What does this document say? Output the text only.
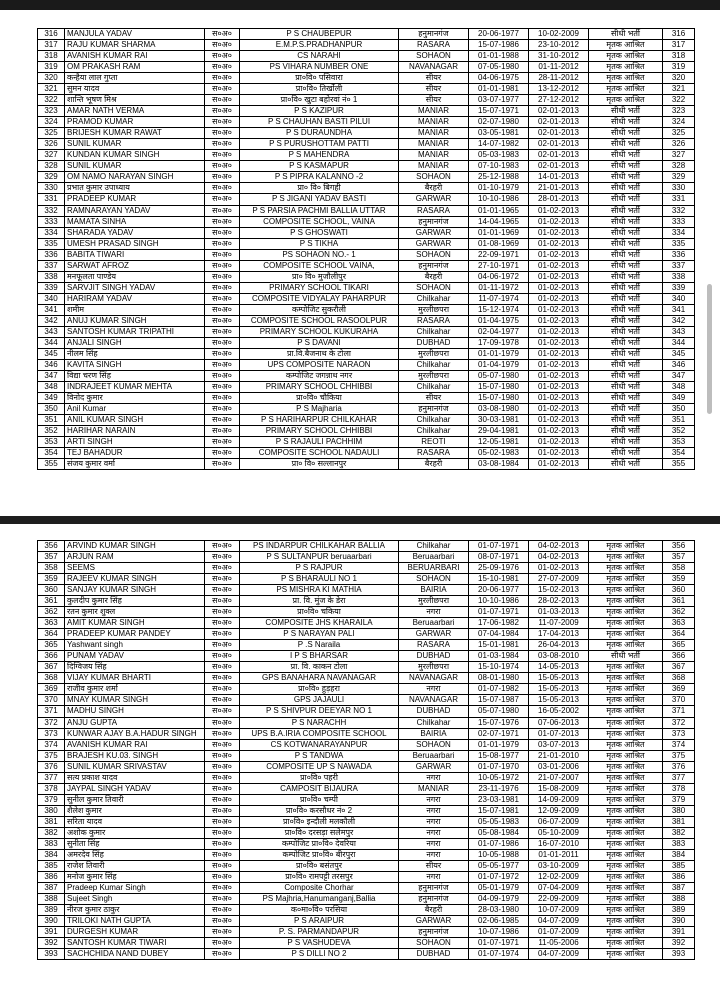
316	MANJULA YADAV	स०अ०	P S CHAUBEPUR	हनुमानगंज	20-06-1977	10-02-2009	सीधी भर्ती	316
317	RAJU KUMAR SHARMA	स०अ०	E.M.P.S.PRADHANPUR	RASARA	15-07-1986	23-10-2012	मृतक आश्रित	317
318	AVANISH KUMAR RAI	स०अ०	CS NARAHI	SOHAON	01-01-1988	31-10-2012	मृतक आश्रित	318
319	OM PRAKASH RAM	स०अ०	PS VIHARA NUMBER ONE	NAVANAGAR	07-05-1980	01-11-2012	मृतक आश्रित	319
320	कन्हैया लाल गुप्ता	स०अ०	प्रा०वि० पसिवारा	सीयर	04-06-1975	28-11-2012	मृतक आश्रित	320
321	सुमन यादव	स०अ०	प्रा०वि० तिर्खोली	सीयर	01-01-1981	13-12-2012	मृतक आश्रित	321
322	शान्ति भूषण मिश्र	स०अ०	प्रा०वि० खुटा बहोरवां नं० 1	सीयर	03-07-1977	27-12-2012	मृतक आश्रित	322
323	AMAR NATH VERMA	स०अ०	P S KAZIPUR	MANIAR	15-07-1971	02-01-2013	सीधी भर्ती	323
324	PRAMOD KUMAR	स०अ०	P S CHAUHAN BASTI PILUI	MANIAR	02-07-1980	02-01-2013	सीधी भर्ती	324
325	BRIJESH KUMAR RAWAT	स०अ०	P S DURAUNDHA	MANIAR	03-05-1981	02-01-2013	सीधी भर्ती	325
326	SUNIL KUMAR	स०अ०	P S PURUSHOTTAM PATTI	MANIAR	14-07-1982	02-01-2013	सीधी भर्ती	326
327	KUNDAN KUMAR SINGH	स०अ०	P S MAHENDRA	MANIAR	05-03-1983	02-01-2013	सीधी भर्ती	327
328	SUNIL KUMAR	स०अ०	P S KASMAPUR	MANIAR	07-10-1983	02-01-2013	सीधी भर्ती	328
329	OM NAMO NARAYAN SINGH	स०अ०	P S PIPRA KALANNO -2	SOHAON	25-12-1988	14-01-2013	सीधी भर्ती	329
330	प्रभात कुमार उपाध्याय	स०अ०	प्रा० वि० बिगही	बैरहरी	01-10-1979	21-01-2013	सीधी भर्ती	330
331	PRADEEP KUMAR	स०अ०	P S JIGANI YADAV BASTI	GARWAR	10-10-1986	28-01-2013	सीधी भर्ती	331
332	RAMNARAYAN YADAV	स०अ०	P S PARSIA PACHMI BALLIA UTTAR	RASARA	01-01-1965	01-02-2013	सीधी भर्ती	332
333	MAMATA SINHA	स०अ०	COMPOSITE SCHOOL, VAINA	हनुमानगंज	14-04-1965	01-02-2013	सीधी भर्ती	333
334	SHARADA YADAV	स०अ०	P S GHOSWATI	GARWAR	01-01-1969	01-02-2013	सीधी भर्ती	334
335	UMESH PRASAD SINGH	स०अ०	P S TIKHA	GARWAR	01-08-1969	01-02-2013	सीधी भर्ती	335
336	BABITA TIWARI	स०अ०	PS SOHAON NO.- 1	SOHAON	22-09-1971	01-02-2013	सीधी भर्ती	336
337	SARWAT AFROZ	स०अ०	COMPOSITE SCHOOL VAINA,	हनुमानगंज	27-10-1971	01-02-2013	सीधी भर्ती	337
338	मनफूलता पाण्डेय	स०अ०	प्रा० वि० मुजौलीपुर	बैरहरी	04-06-1972	01-02-2013	सीधी भर्ती	338
339	SARVJIT SINGH YADAV	स०अ०	PRIMARY SCHOOL TIKARI	SOHAON	01-11-1972	01-02-2013	सीधी भर्ती	339
340	HARIRAM YADAV	स०अ०	COMPOSITE VIDYALAY PAHARPUR	Chilkahar	11-07-1974	01-02-2013	सीधी भर्ती	340
341	शमीम	स०अ०	कम्पोजिट सुकरौली	मुरलीछपरा	15-12-1974	01-02-2013	सीधी भर्ती	341
342	ANUJ KUMAR SINGH	स०अ०	COMPOSITE SCHOOL RASOOLPUR	RASARA	01-04-1975	01-02-2013	सीधी भर्ती	342
343	SANTOSH KUMAR TRIPATHI	स०अ०	PRIMARY SCHOOL KUKURAHA	Chilkahar	02-04-1977	01-02-2013	सीधी भर्ती	343
344	ANJALI SINGH	स०अ०	P S DAVANI	DUBHAD	17-09-1978	01-02-2013	सीधी भर्ती	344
345	नीलम सिंह	स०अ०	प्रा.वि.बैजनाथ के टोला	मुरलीछपरा	01-01-1979	01-02-2013	सीधी भर्ती	345
346	KAVITA SINGH	स०अ०	UPS COMPOSITE NARAON	Chilkahar	01-04-1979	01-02-2013	सीधी भर्ती	346
347	विद्या चरण सिंह	स०अ०	कम्पोजिट जगन्नाथ नगर	मुरलीछपरा	05-07-1980	01-02-2013	सीधी भर्ती	347
348	INDRAJEET KUMAR MEHTA	स०अ०	PRIMARY SCHOOL CHHIBBI	Chilkahar	15-07-1980	01-02-2013	सीधी भर्ती	348
349	विनोद कुमार	स०अ०	प्रा०वि० चौकिया	सीयर	15-07-1980	01-02-2013	सीधी भर्ती	349
350	Anil Kumar	स०अ०	P S Majharia	हनुमानगंज	03-08-1980	01-02-2013	सीधी भर्ती	350
351	ANIL KUMAR SINGH	स०अ०	P S HARIHARPUR CHILKAHAR	Chilkahar	30-03-1981	01-02-2013	सीधी भर्ती	351
352	HARIHAR NARAIN	स०अ०	PRIMARY SCHOOL CHHIBBI	Chilkahar	29-04-1981	01-02-2013	सीधी भर्ती	352
353	ARTI SINGH	स०अ०	P S RAJAULI PACHHIM	REOTI	12-05-1981	01-02-2013	सीधी भर्ती	353
354	TEJ BAHADUR	स०अ०	COMPOSITE SCHOOL NADAULI	RASARA	05-02-1983	01-02-2013	सीधी भर्ती	354
355	संजय कुमार वर्मा	स०अ०	प्रा० वि० सल्लानपुर	बैरहरी	03-08-1984	01-02-2013	सीधी भर्ती	355
356	ARVIND KUMAR SINGH	स०अ०	PS INDARPUR CHILKAHAR BALLIA	Chilkahar	01-07-1971	04-02-2013	मृतक आश्रित	356
357	ARJUN RAM	स०अ०	P S SULTANPUR beruaarbari	Beruaarbari	08-07-1971	04-02-2013	मृतक आश्रित	357
358	SEEMS	स०अ०	P S RAJPUR	BERUARBARI	25-09-1976	01-02-2013	मृतक आश्रित	358
359	RAJEEV KUMAR SINGH	स०अ०	P S BHARAULI NO 1	SOHAON	15-10-1981	27-07-2009	मृतक आश्रित	359
360	SANJAY KUMAR SINGH	स०अ०	PS MISHRA KI MATHIA	BAIRIA	20-06-1977	15-02-2013	मृतक आश्रित	360
361	कुलदीप कुमार सिंह	स०अ०	प्रा. वि. मुंज के डेरा	मुरलीछपरा	10-10-1986	28-02-2013	मृतक आश्रित	361
362	रतन कुमार शुक्ल	स०अ०	प्रा०वि० चकिया	नगरा	01-07-1971	01-03-2013	मृतक आश्रित	362
363	AMIT KUMAR SINGH	स०अ०	COMPOSITE JHS KHARAILA	Beruaarbari	17-06-1982	11-07-2009	मृतक आश्रित	363
364	PRADEEP KUMAR PANDEY	स०अ०	P S NARAYAN PALI	GARWAR	07-04-1984	17-04-2013	मृतक आश्रित	364
365	Yashwant singh	स०अ०	P .S Naraila	RASARA	15-01-1981	26-04-2013	मृतक आश्रित	365
366	PUNAM YADAV	स०अ०	I P S BHARSAR	DUBHAD	01-03-1984	03-08-2010	सीधी भर्ती	366
367	दिग्विजय सिंह	स०अ०	प्रा. वि. काकन टोला	मुरलीछपरा	15-10-1974	14-05-2013	मृतक आश्रित	367
368	VIJAY KUMAR BHARTI	स०अ०	GPS BANAHARA NAVANAGAR	NAVANAGAR	08-01-1980	15-05-2013	मृतक आश्रित	368
369	राजीव कुमार शर्मा	स०अ०	प्रा०वि० हुड़हरा	नगरा	01-07-1982	15-05-2013	मृतक आश्रित	369
370	MNAY KUMAR SINGH	स०अ०	GPS JAJAULI	NAVANAGAR	15-07-1987	15-05-2013	मृतक आश्रित	370
371	MADHU SINGH	स०अ०	P S SHIVPUR DEEYAR NO 1	DUBHAD	05-07-1980	16-05-2002	मृतक आश्रित	371
372	ANJU GUPTA	स०अ०	P S NARACHH	Chilkahar	15-07-1976	07-06-2013	मृतक आश्रित	372
373	KUNWAR AJAY B.A.HADUR SINGH	स०अ०	UPS B.A.IRIA COMPOSITE SCHOOL	BAIRIA	02-07-1971	01-07-2013	मृतक आश्रित	373
374	AVANISH KUMAR RAI	स०अ०	CS KOTWANARAYANPUR	SOHAON	01-01-1979	03-07-2013	मृतक आश्रित	374
375	BRAJESH KU.03. SINGH	स०अ०	P S TANDWA	Beruaarbari	15-08-1977	21-01-2010	मृतक आश्रित	375
376	SUNIL KUMAR SRIVASTAV	स०अ०	COMPOSITE UP S NAWADA	GARWAR	01-07-1970	03-01-2006	मृतक आश्रित	376
377	सत्य प्रकाश यादव	स०अ०	प्रा०वि० पहरी	नगरा	10-05-1972	21-07-2007	मृतक आश्रित	377
378	JAYPAL SINGH YADAV	स०अ०	CAMPOSIT BIJAURA	MANIAR	23-11-1976	15-08-2009	मृतक आश्रित	378
379	सुनील कुमार तिवारी	स०अ०	प्रा०वि० चम्पी	नगरा	23-03-1981	14-09-2009	मृतक आश्रित	379
380	शैलेश कुमार	स०अ०	प्रा०वि० करसौधर नं० 2	नगरा	15-07-1981	12-09-2009	मृतक आश्रित	380
381	सरिता यादव	स०अ०	प्रा०वि० इन्दौली मलकौली	नगरा	05-05-1983	06-07-2009	मृतक आश्रित	381
382	अशोक कुमार	स०अ०	प्रा०वि० दरसड़ा सलेमपुर	नगरा	05-08-1984	05-10-2009	मृतक आश्रित	382
383	सुनीता सिंह	स०अ०	कम्पोजिट प्रा०वि० देवरिया	नगरा	01-07-1986	16-07-2010	मृतक आश्रित	383
384	अमरदेव सिंह	स०अ०	कम्पोजिट प्रा०वि० बीरपुरा	नगरा	10-05-1988	01-01-2011	मृतक आश्रित	384
385	राजेश तिवारी	स०अ०	प्रा०वि० बसंतपुर	सीयर	05-05-1977	03-10-2009	मृतक आश्रित	385
386	मनोज कुमार सिंह	स०अ०	प्रा०वि० रामपट्टी तरसपुर	नगरा	01-07-1972	12-02-2009	मृतक आश्रित	386
387	Pradeep Kumar Singh	स०अ०	Composite Chorhar	हनुमानगंज	05-01-1979	07-04-2009	मृतक आश्रित	387
388	Sujeet Singh	स०अ०	PS Majhria,Hanumanganj,Ballia	हनुमानगंज	04-09-1979	22-09-2009	मृतक आश्रित	388
389	नीरज कुमार ठाकुर	स०अ०	क०मा०वि० परसिया	बैरहरी	28-03-1980	10-07-2009	मृतक आश्रित	389
390	TRILOKI NATH GUPTA	स०अ०	P S ARAIPUR	GARWAR	02-06-1985	04-07-2009	मृतक आश्रित	390
391	DURGESH KUMAR	स०अ०	P. S. PARMANDAPUR	हनुमानगंज	10-07-1986	01-07-2009	मृतक आश्रित	391
392	SANTOSH KUMAR TIWARI	स०अ०	P S VASHUDEVA	SOHAON	01-07-1971	11-05-2006	मृतक आश्रित	392
393	SACHCHIDA NAND DUBEY	स०अ०	P S DILLI NO 2	DUBHAD	01-07-1974	04-07-2009	मृतक आश्रित	393
